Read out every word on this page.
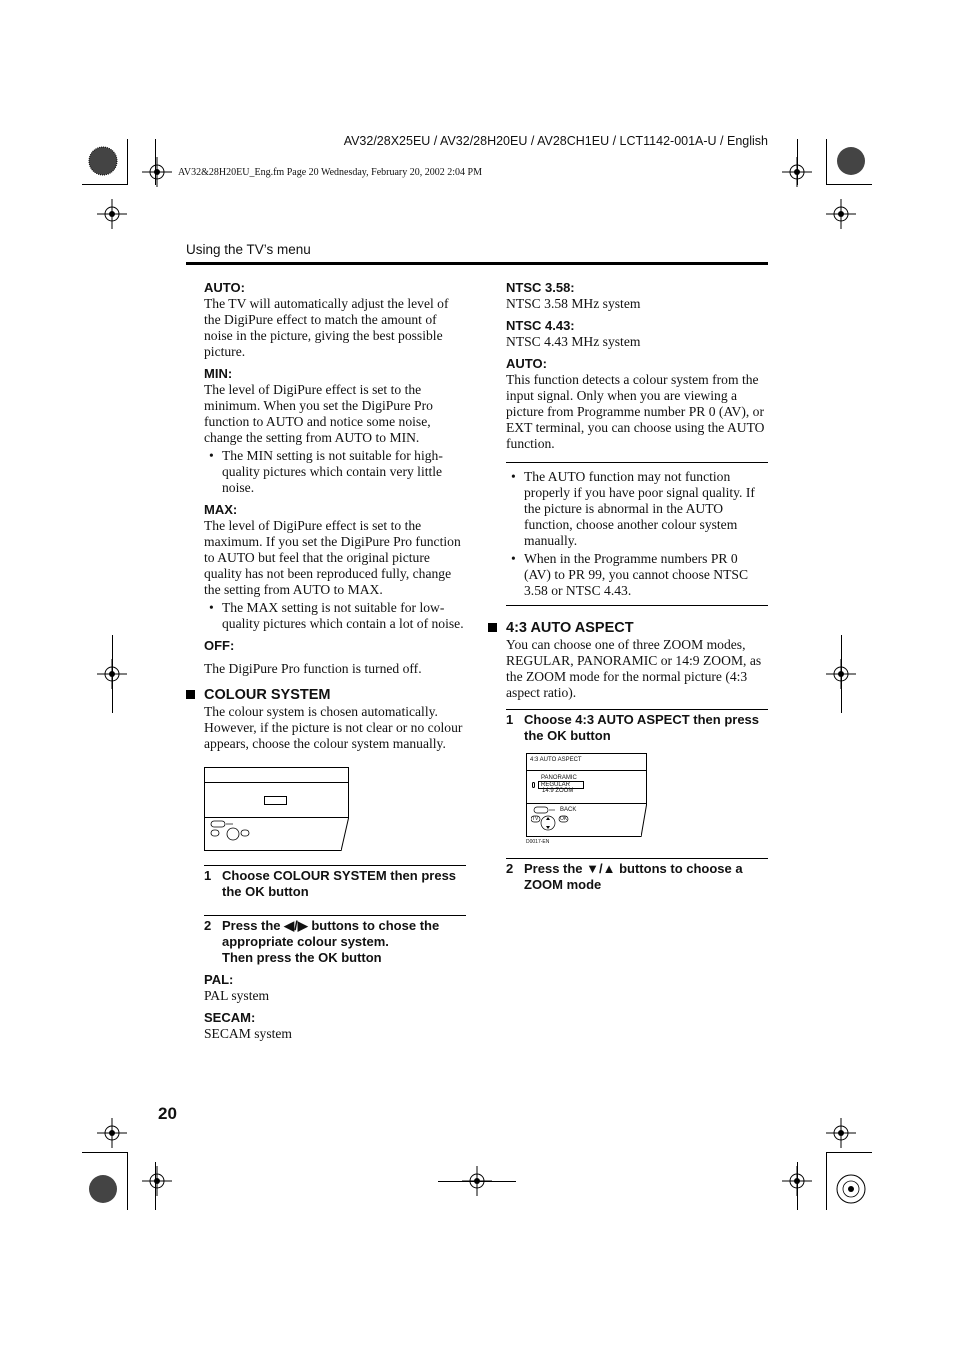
AV32/28X25EU / AV32/28H20EU / AV28CH1EU / LCT1142-001A-U / English
AV32&28H20EU_Eng.fm Page 20 Wednesday, February 20, 2002 2:04 PM
Using the TV’s menu
AUTO:
The TV will automatically adjust the level of the DigiPure effect to match the amount of noise in the picture, giving the best possible picture.
MIN:
The level of DigiPure effect is set to the minimum. When you set the DigiPure Pro function to AUTO and notice some noise, change the setting from AUTO to MIN.
• The MIN setting is not suitable for high-quality pictures which contain very little noise.
MAX:
The level of DigiPure effect is set to the maximum. If you set the DigiPure Pro function to AUTO but feel that the original picture quality has not been reproduced fully, change the setting from AUTO to MAX.
• The MAX setting is not suitable for low-quality pictures which contain a lot of noise.
OFF:
The DigiPure Pro function is turned off.
COLOUR SYSTEM
The colour system is chosen automatically. However, if the picture is not clear or no colour appears, choose the colour system manually.
1 Choose COLOUR SYSTEM then press the OK button
2 Press the ◀/▶ buttons to chose the appropriate colour system.
Then press the OK button
PAL:
PAL system
SECAM:
SECAM system
NTSC 3.58:
NTSC 3.58 MHz system
NTSC 4.43:
NTSC 4.43 MHz system
AUTO:
This function detects a colour system from the input signal. Only when you are viewing a picture from Programme number PR 0 (AV), or EXT terminal, you can choose using the AUTO function.
• The AUTO function may not function properly if you have poor signal quality. If the picture is abnormal in the AUTO function, choose another colour system manually.
• When in the Programme numbers PR 0 (AV) to PR 99, you cannot choose NTSC 3.58 or NTSC 4.43.
4:3 AUTO ASPECT
You can choose one of three ZOOM modes, REGULAR, PANORAMIC or 14:9 ZOOM, as the ZOOM mode for the normal picture (4:3 aspect ratio).
1 Choose 4:3 AUTO ASPECT then press the OK button
4:3 AUTO ASPECT
PANORAMIC
REGULAR
14:9 ZOOM
BACK
TV	OK
D0017-EN
2 Press the ▼/▲ buttons to choose a ZOOM mode
20
